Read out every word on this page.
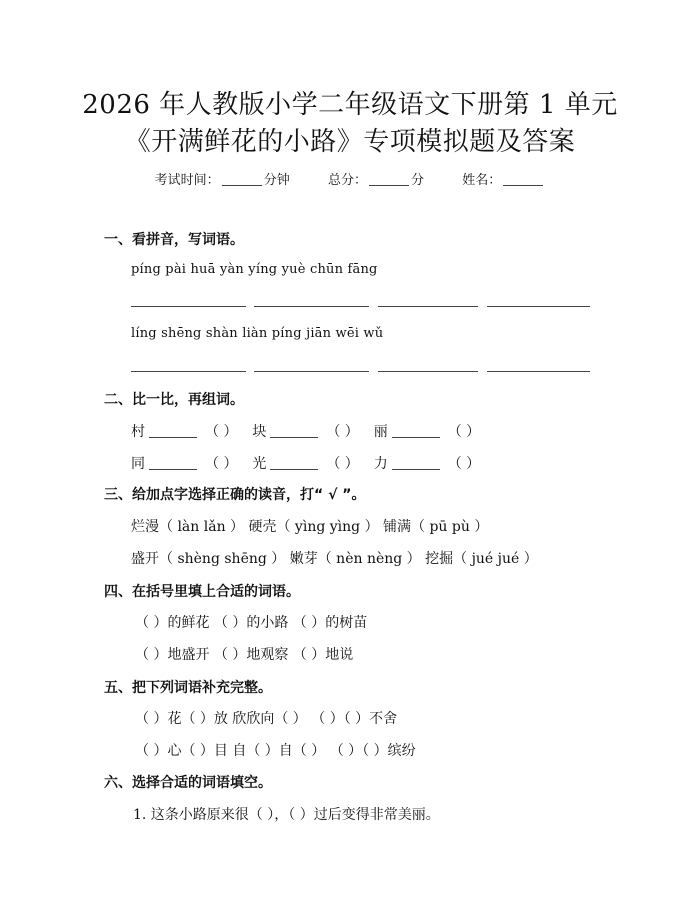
2026 年人教版小学二年级语文下册第 1 单元
《开满鲜花的小路》专项模拟题及答案
考试时间：	分钟	总分：	分	姓名：
一、看拼音，写词语。
píng pài huā yàn yíng yuè chūn fāng
líng shēng shàn liàn píng jiān wēi wǔ
二、比一比，再组词。
村	（ ） 块	（ ） 丽	（ ）
同	（ ） 光	（ ） 力	（ ）
三、给加点字选择正确的读音，打“ √ ”。
烂漫（ làn lǎn ） 硬壳（ yìng yìng ） 铺满（ pū pù ）
盛开（ shèng shēng ） 嫩芽（ nèn nèng ） 挖掘（ jué jué ）
四、在括号里填上合适的词语。
（ ）的鲜花 （ ）的小路 （ ）的树苗
（ ）地盛开 （ ）地观察 （ ）地说
五、把下列词语补充完整。
（ ）花（ ）放 欣欣向（ ） （ ）（ ）不舍
（ ）心（ ）目 自（ ）自（ ） （ ）（ ）缤纷
六、选择合适的词语填空。
1. 这条小路原来很（ ），（ ）过后变得非常美丽。
